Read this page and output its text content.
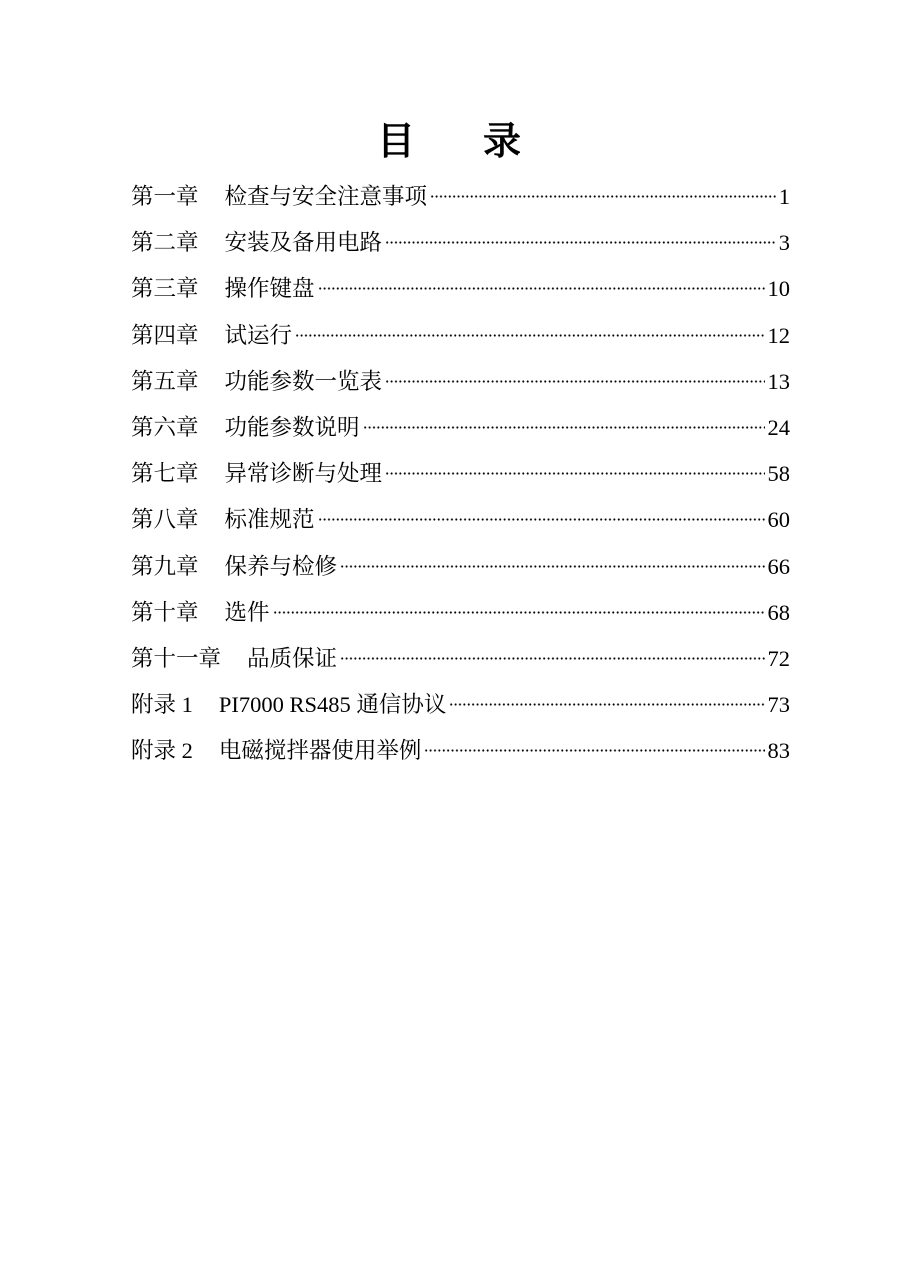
目 录
第一章 检查与安全注意事项	1
第二章 安装及备用电路	3
第三章 操作键盘	10
第四章 试运行	12
第五章 功能参数一览表	13
第六章 功能参数说明	24
第七章 异常诊断与处理	58
第八章 标准规范	60
第九章 保养与检修	66
第十章 选件	68
第十一章 品质保证	72
附录 1 PI7000 RS485 通信协议	73
附录 2 电磁搅拌器使用举例	83
